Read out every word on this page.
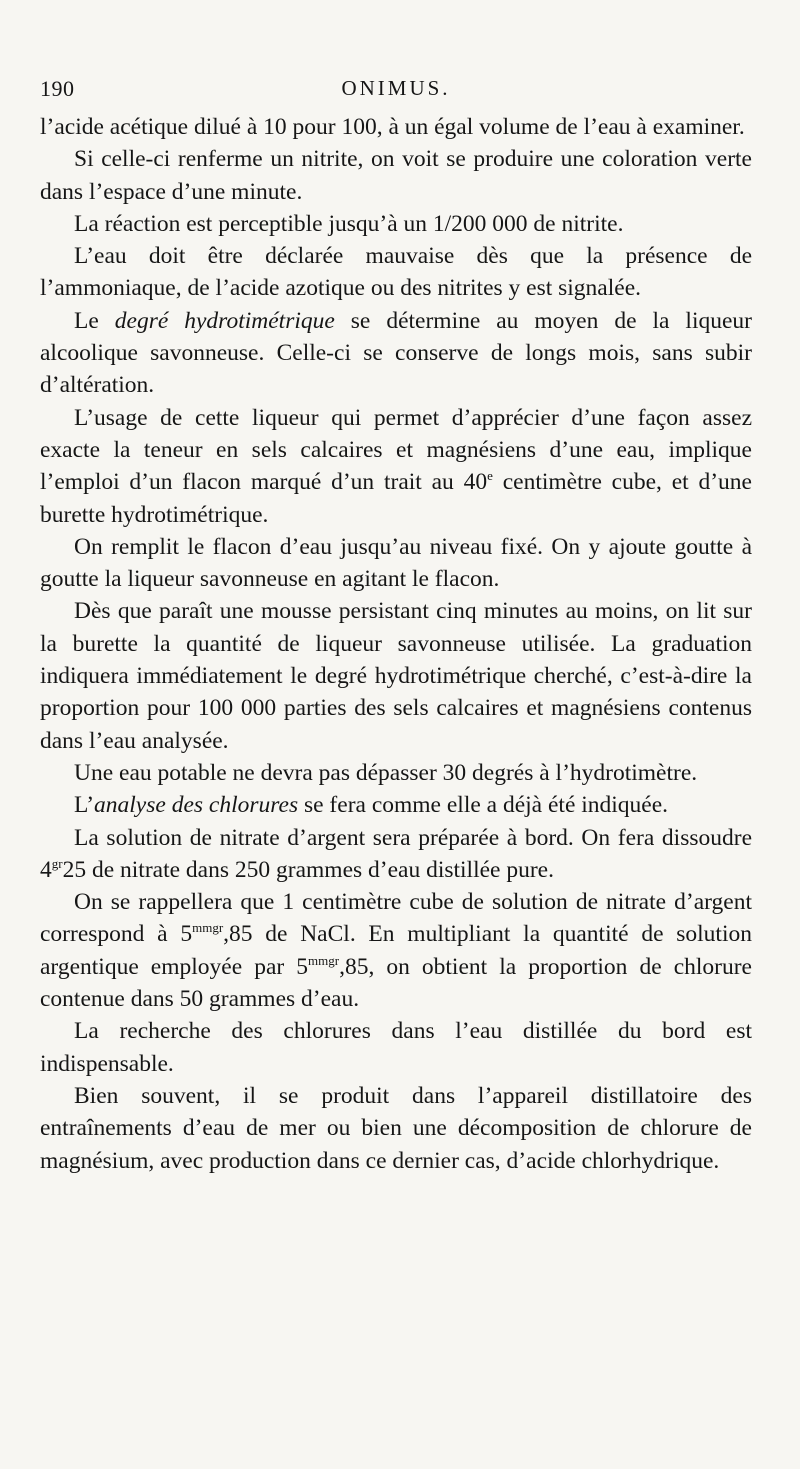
190	ONIMUS.

l’acide acétique dilué à 10 pour 100, à un égal volume de l’eau à examiner.

Si celle-ci renferme un nitrite, on voit se produire une coloration verte dans l’espace d’une minute.

La réaction est perceptible jusqu’à un 1/200 000 de nitrite.

L’eau doit être déclarée mauvaise dès que la présence de l’ammoniaque, de l’acide azotique ou des nitrites y est signalée.

Le degré hydrotimétrique se détermine au moyen de la liqueur alcoolique savonneuse. Celle-ci se conserve de longs mois, sans subir d’altération.

L’usage de cette liqueur qui permet d’apprécier d’une façon assez exacte la teneur en sels calcaires et magnésiens d’une eau, implique l’emploi d’un flacon marqué d’un trait au 40e centimètre cube, et d’une burette hydrotimétrique.

On remplit le flacon d’eau jusqu’au niveau fixé. On y ajoute goutte à goutte la liqueur savonneuse en agitant le flacon.

Dès que paraît une mousse persistant cinq minutes au moins, on lit sur la burette la quantité de liqueur savonneuse utilisée. La graduation indiquera immédiatement le degré hydrotimétrique cherché, c’est-à-dire la proportion pour 100 000 parties des sels calcaires et magnésiens contenus dans l’eau analysée.

Une eau potable ne devra pas dépasser 30 degrés à l’hydrotimètre.

L’analyse des chlorures se fera comme elle a déjà été indiquée.

La solution de nitrate d’argent sera préparée à bord. On fera dissoudre $4^{gr}25$ de nitrate dans 250 grammes d’eau distillée pure.

On se rappellera que 1 centimètre cube de solution de nitrate d’argent correspond à $5^{mmgr},85$ de NaCl. En multipliant la quantité de solution argentique employée par $5^{mmgr},85$, on obtient la proportion de chlorure contenue dans 50 grammes d’eau.

La recherche des chlorures dans l’eau distillée du bord est indispensable.

Bien souvent, il se produit dans l’appareil distillatoire des entraînements d’eau de mer ou bien une décomposition de chlorure de magnésium, avec production dans ce dernier cas, d’acide chlorhydrique.
